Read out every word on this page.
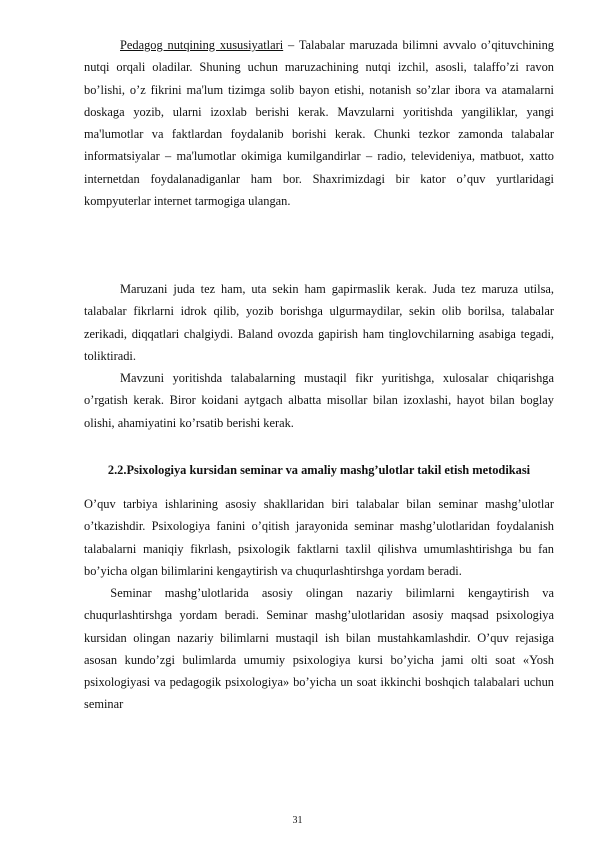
Pedagog nutqining xususiyatlari – Talabalar maruzada bilimni avvalo o’qituvchining nutqi orqali oladilar. Shuning uchun maruzachining nutqi izchil, asosli, talaffo’zi ravon bo’lishi, o’z fikrini ma'lum tizimga solib bayon etishi, notanish so’zlar ibora va atamalarni doskaga yozib, ularni izoxlab berishi kerak. Mavzularni yoritishda yangiliklar, yangi ma'lumotlar va faktlardan foydalanib borishi kerak. Chunki tezkor zamonda talabalar informatsiyalar – ma'lumotlar okimiga kumilgandirlar – radio, televideniya, matbuot, xatto internetdan foydalanadiganlar ham bor. Shaxrimizdagi bir kator o’quv yurtlaridagi kompyuterlar internet tarmogiga ulangan.

Maruzani juda tez ham, uta sekin ham gapirmaslik kerak. Juda tez maruza utilsa, talabalar fikrlarni idrok qilib, yozib borishga ulgurmaydilar, sekin olib borilsa, talabalar zerikadi, diqqatlari chalgiydi. Baland ovozda gapirish ham tinglovchilarning asabiga tegadi, toliktiradi.

Mavzuni yoritishda talabalarning mustaqil fikr yuritishga, xulosalar chiqarishga o’rgatish kerak. Biror koidani aytgach albatta misollar bilan izoxlashi, hayot bilan boglay olishi, ahamiyatini ko’rsatib berishi kerak.

2.2.Psixologiya kursidan seminar va amaliy mashg’ulotlar takil etish metodikasi

O’quv tarbiya ishlarining asosiy shakllaridan biri talabalar bilan seminar mashg’ulotlar o’tkazishdir. Psixologiya fanini o’qitish jarayonida seminar mashg’ulotlaridan foydalanish talabalarni maniqiy fikrlash, psixologik faktlarni taxlil qilishva umumlashtirishga bu fan bo’yicha olgan bilimlarini kengaytirish va chuqurlashtirshga yordam beradi.

Seminar mashg’ulotlarida asosiy olingan nazariy bilimlarni kengaytirish va chuqurlashtirshga yordam beradi. Seminar mashg’ulotlaridan asosiy maqsad psixologiya kursidan olingan nazariy bilimlarni mustaqil ish bilan mustahkamlashdir. O’quv rejasiga asosan kundo’zgi bulimlarda umumiy psixologiya kursi bo’yicha jami olti soat «Yosh psixologiyasi va pedagogik psixologiya» bo’yicha un soat ikkinchi boshqich talabalari uchun seminar

31
